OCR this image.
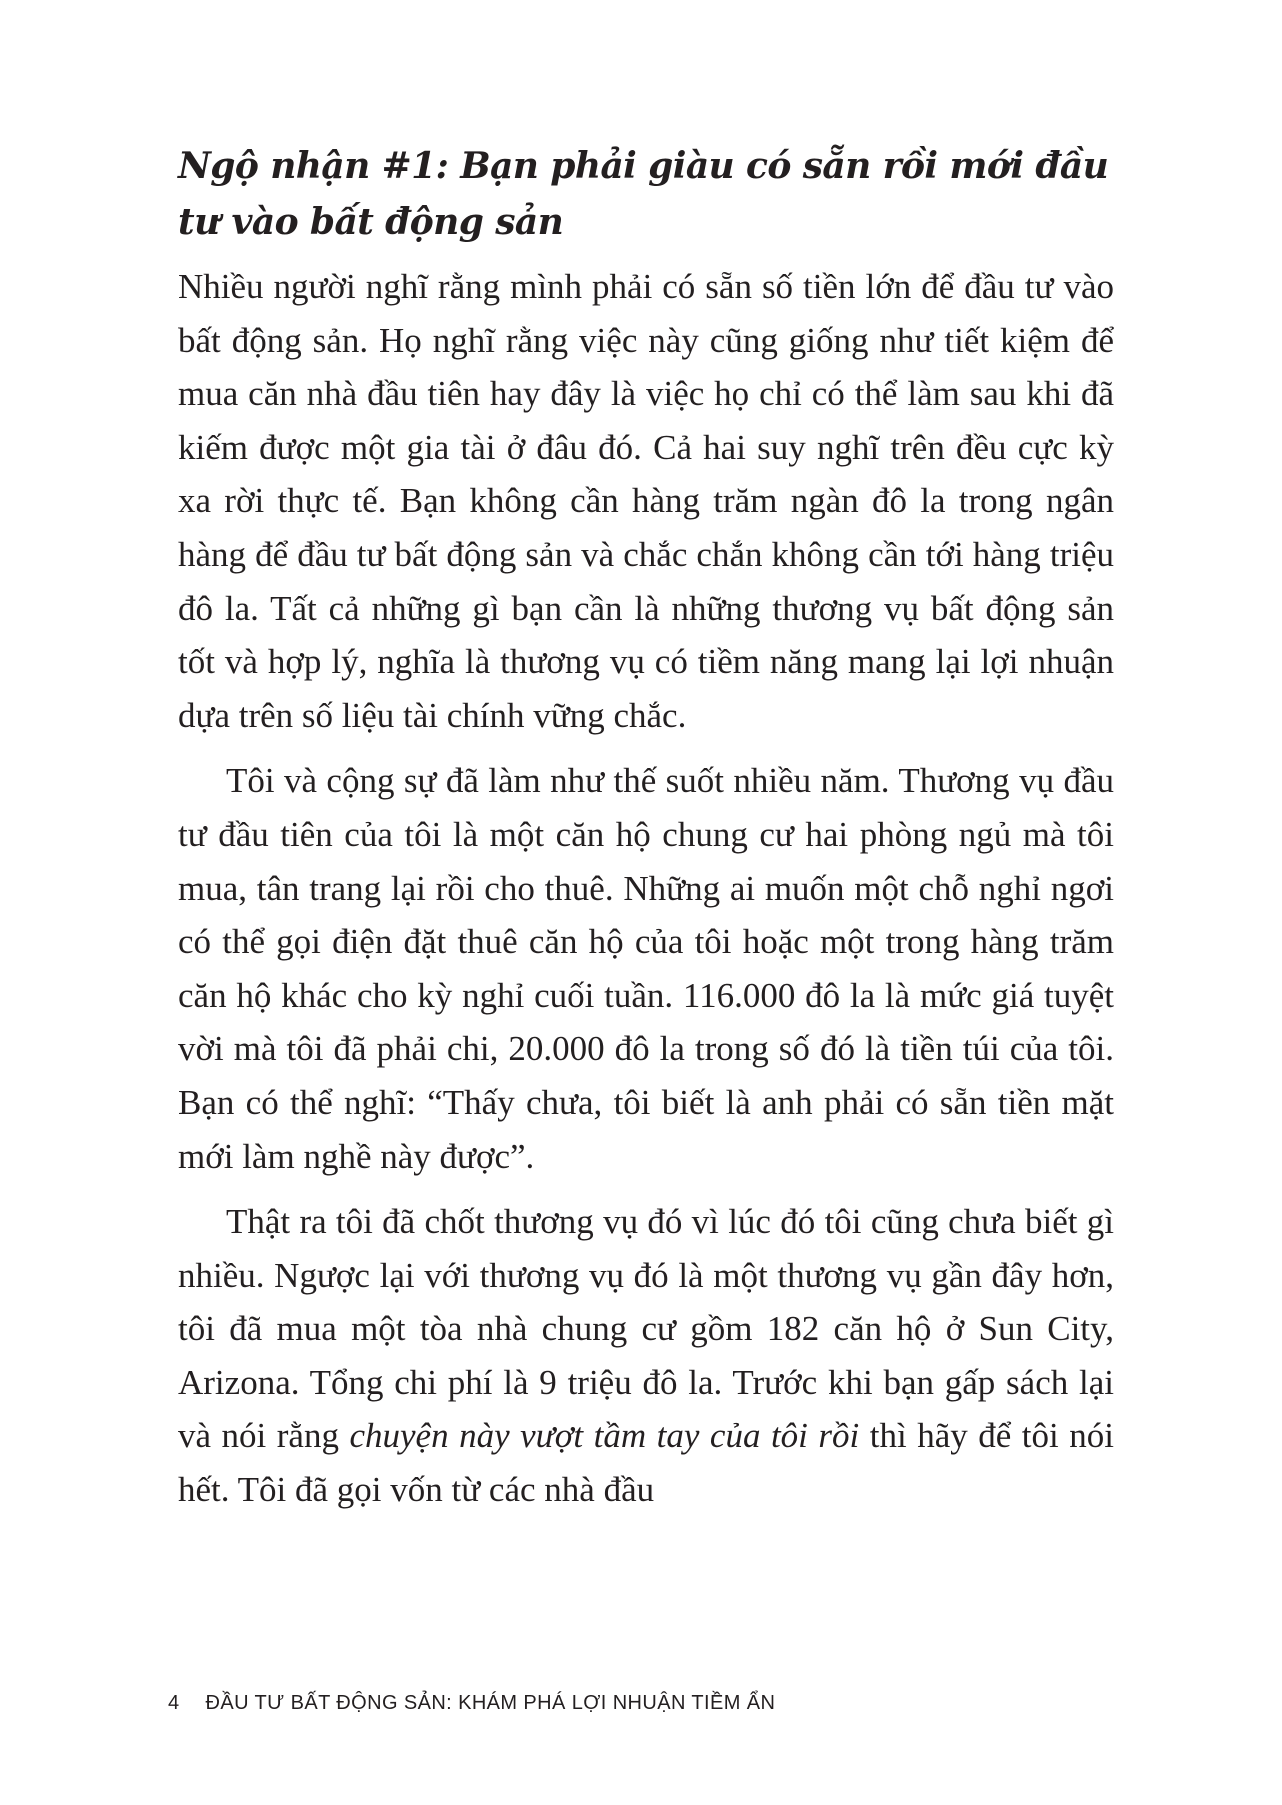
Ngộ nhận #1: Bạn phải giàu có sẵn rồi mới đầu tư vào bất động sản

Nhiều người nghĩ rằng mình phải có sẵn số tiền lớn để đầu tư vào bất động sản. Họ nghĩ rằng việc này cũng giống như tiết kiệm để mua căn nhà đầu tiên hay đây là việc họ chỉ có thể làm sau khi đã kiếm được một gia tài ở đâu đó. Cả hai suy nghĩ trên đều cực kỳ xa rời thực tế. Bạn không cần hàng trăm ngàn đô la trong ngân hàng để đầu tư bất động sản và chắc chắn không cần tới hàng triệu đô la. Tất cả những gì bạn cần là những thương vụ bất động sản tốt và hợp lý, nghĩa là thương vụ có tiềm năng mang lại lợi nhuận dựa trên số liệu tài chính vững chắc.

Tôi và cộng sự đã làm như thế suốt nhiều năm. Thương vụ đầu tư đầu tiên của tôi là một căn hộ chung cư hai phòng ngủ mà tôi mua, tân trang lại rồi cho thuê. Những ai muốn một chỗ nghỉ ngơi có thể gọi điện đặt thuê căn hộ của tôi hoặc một trong hàng trăm căn hộ khác cho kỳ nghỉ cuối tuần. 116.000 đô la là mức giá tuyệt vời mà tôi đã phải chi, 20.000 đô la trong số đó là tiền túi của tôi. Bạn có thể nghĩ: “Thấy chưa, tôi biết là anh phải có sẵn tiền mặt mới làm nghề này được”.

Thật ra tôi đã chốt thương vụ đó vì lúc đó tôi cũng chưa biết gì nhiều. Ngược lại với thương vụ đó là một thương vụ gần đây hơn, tôi đã mua một tòa nhà chung cư gồm 182 căn hộ ở Sun City, Arizona. Tổng chi phí là 9 triệu đô la. Trước khi bạn gấp sách lại và nói rằng chuyện này vượt tầm tay của tôi rồi thì hãy để tôi nói hết. Tôi đã gọi vốn từ các nhà đầu

4 ĐẦU TƯ BẤT ĐỘNG SẢN: KHÁM PHÁ LỢI NHUẬN TIỀM ẨN
